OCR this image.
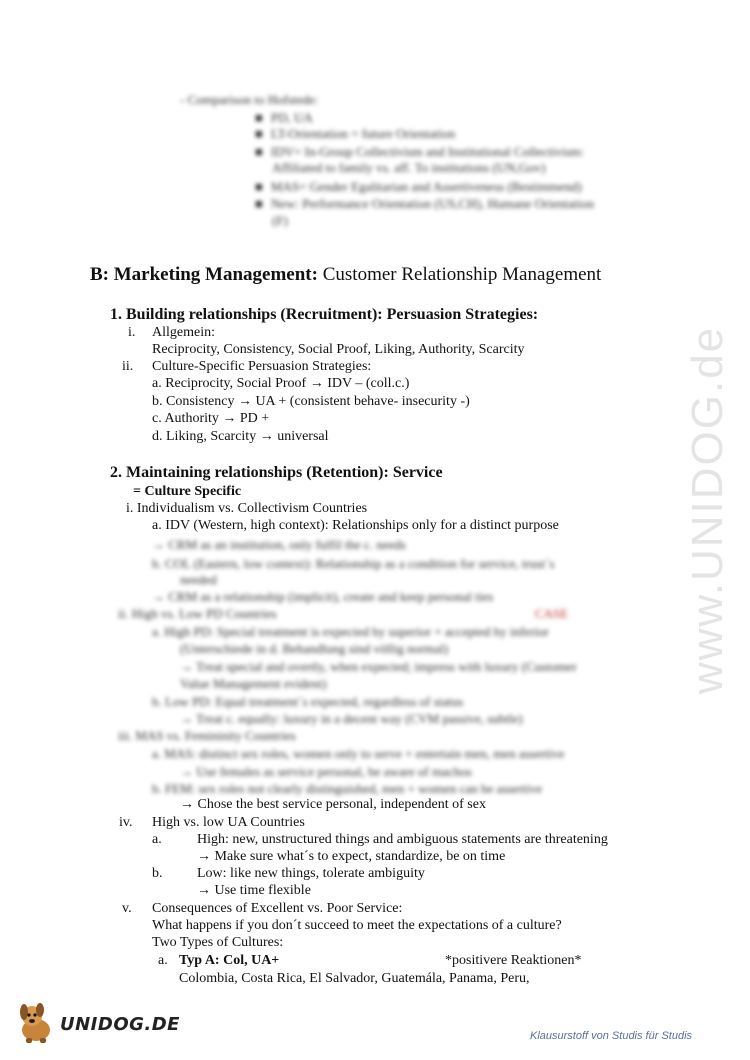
- Comparison to Hofstede:
■ PD, UA
■ LT-Orientation = future Orientation
■ IDV= In-Group Collectivism and Institutional Collectivism:
Affiliated to family vs. aff. To institutions (UN,Gov)
■ MAS= Gender Egalitarian and Assertiveness (Bestimmend)
■ New: Performance Orientation (US,CH), Humane Orientation
(F)
B: Marketing Management: Customer Relationship Management
1. Building relationships (Recruitment): Persuasion Strategies:
i. Allgemein:
Reciprocity, Consistency, Social Proof, Liking, Authority, Scarcity
ii. Culture-Specific Persuasion Strategies:
a. Reciprocity, Social Proof → IDV – (coll.c.)
b. Consistency → UA + (consistent behave- insecurity -)
c. Authority → PD +
d. Liking, Scarcity → universal
2. Maintaining relationships (Retention): Service
= Culture Specific
i. Individualism vs. Collectivism Countries
a. IDV (Western, high context): Relationships only for a distinct purpose
→ CRM as an institution, only fulfil the c. needs
b. COL (Eastern, low context): Relationship as a condition for service, trust´s
needed
→ CRM as a relationship (implicit), create and keep personal ties
ii. High vs. Low PD Countries	CASE
a. High PD: Special treatment is expected by superior + accepted by inferior
(Unterschiede in d. Behandlung sind völlig normal)
→ Treat special and overtly, when expected; impress with luxury (Customer
Value Management evident)
b. Low PD: Equal treatment´s expected, regardless of status
→ Treat c. equally: luxury in a decent way (CVM passive, subtle)
iii. MAS vs. Femininity Countries
a. MAS: distinct sex roles, women only to serve + entertain men, men assertive
→ Use females as service personal, be aware of machos
b. FEM: sex roles not clearly distinguished, men + women can be assertive
→ Chose the best service personal, independent of sex
iv. High vs. low UA Countries
a.	High: new, unstructured things and ambiguous statements are threatening
→ Make sure what´s to expect, standardize, be on time
b. Low: like new things, tolerate ambiguity
→ Use time flexible
v. Consequences of Excellent vs. Poor Service:
What happens if you don´t succeed to meet the expectations of a culture?
Two Types of Cultures:
a. Typ A: Col, UA+	*positivere Reaktionen*
Colombia, Costa Rica, El Salvador, Guatemála, Panama, Peru,
www.UNIDOG.de
UNIDOG.DE
Klausurstoff von Studis für Studis
